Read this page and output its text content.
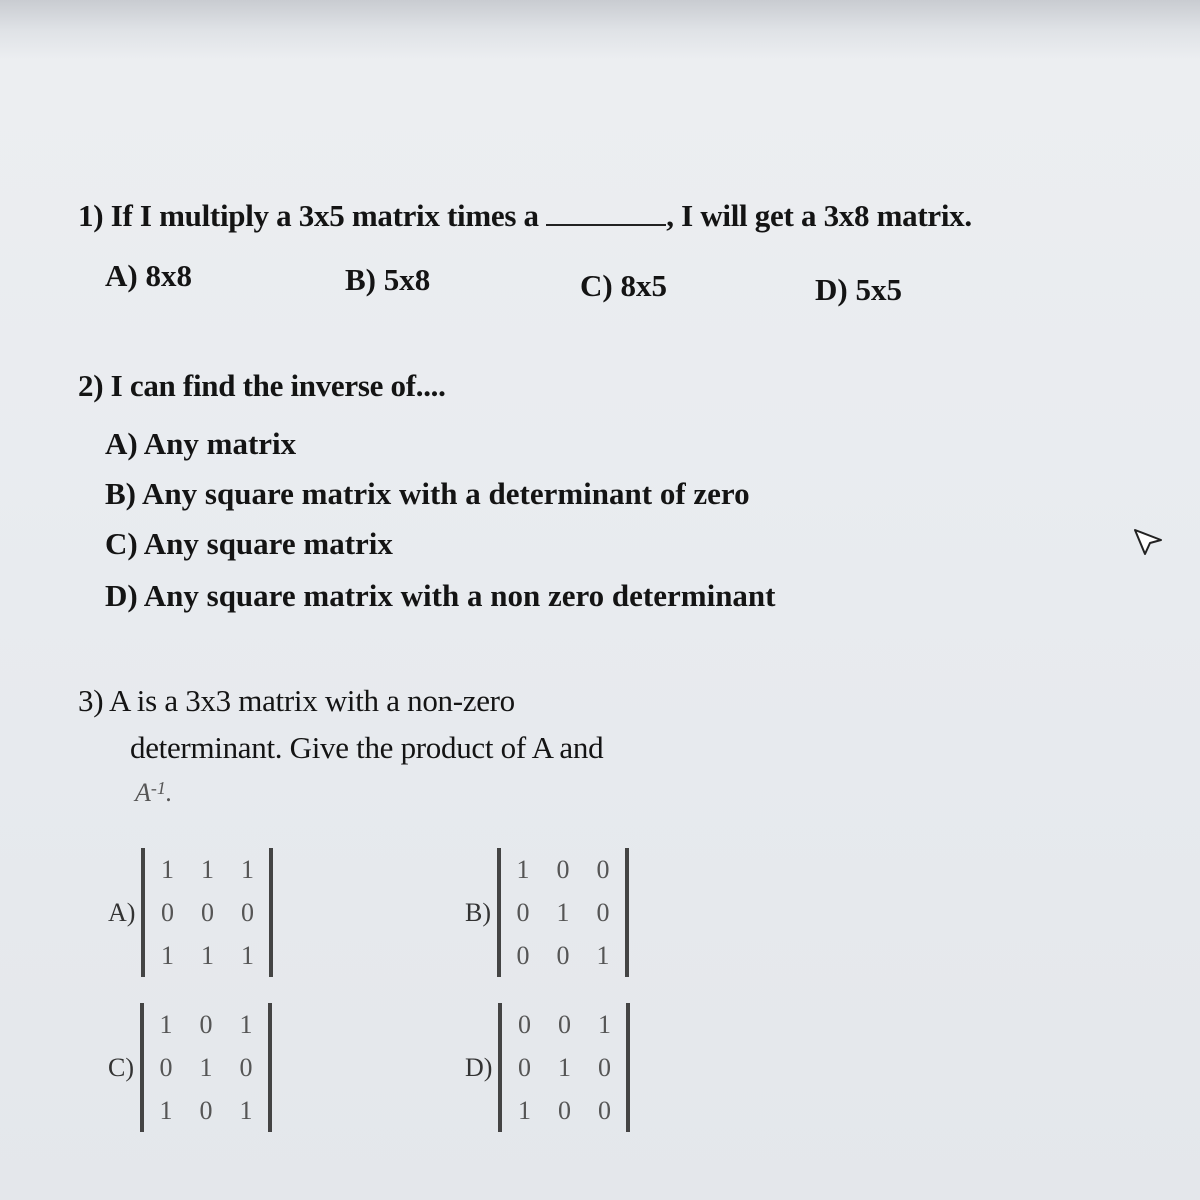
1) If I multiply a 3x5 matrix times a	, I will get a 3x8 matrix.
A) 8x8	B) 5x8	C) 8x5	D) 5x5
2) I can find the inverse of....
A) Any matrix
B) Any square matrix with a determinant of zero
C) Any square matrix
D) Any square matrix with a non zero determinant
3) A is a 3x3 matrix with a non-zero
determinant. Give the product of A and
$A^{-1}$.
A)
1 1 1
0 0 0
1 1 1
B)
1 0 0
0 1 0
0 0 1
C)
1 0 1
0 1 0
1 0 1
D)
0 0 1
0 1 0
1 0 0
